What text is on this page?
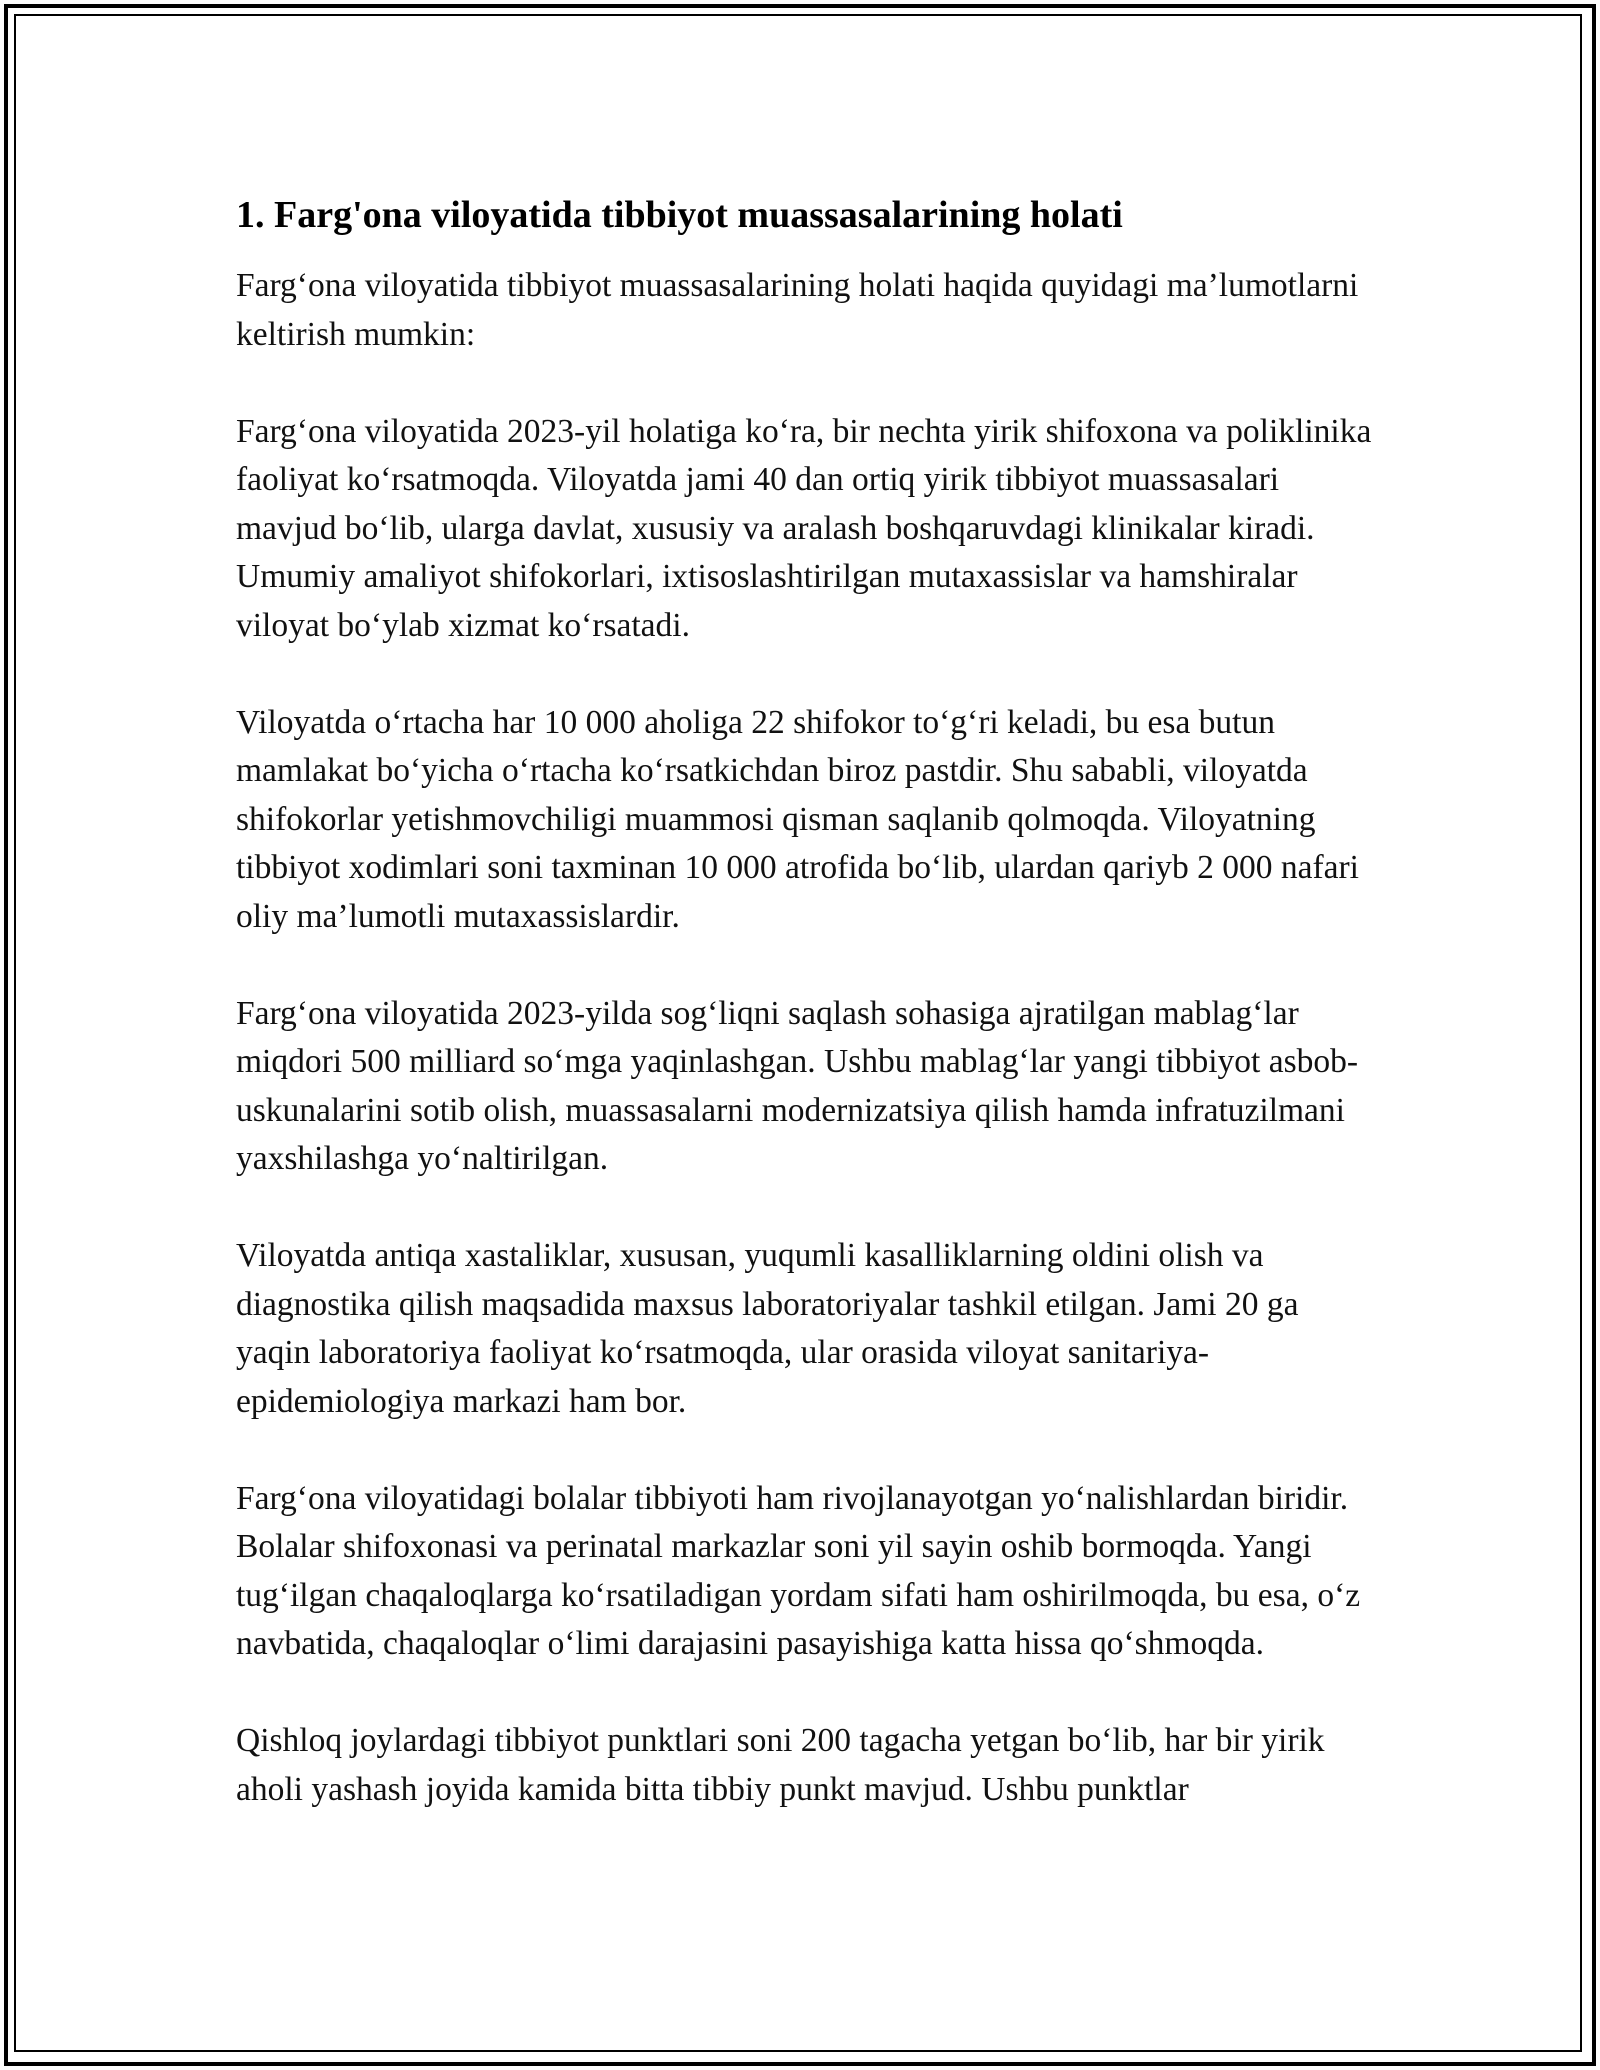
1. Farg'ona viloyatida tibbiyot muassasalarining holati

Farg‘ona viloyatida tibbiyot muassasalarining holati haqida quyidagi ma’lumotlarni keltirish mumkin:

Farg‘ona viloyatida 2023-yil holatiga ko‘ra, bir nechta yirik shifoxona va poliklinika faoliyat ko‘rsatmoqda. Viloyatda jami 40 dan ortiq yirik tibbiyot muassasalari mavjud bo‘lib, ularga davlat, xususiy va aralash boshqaruvdagi klinikalar kiradi. Umumiy amaliyot shifokorlari, ixtisoslashtirilgan mutaxassislar va hamshiralar viloyat bo‘ylab xizmat ko‘rsatadi.

Viloyatda o‘rtacha har 10 000 aholiga 22 shifokor to‘g‘ri keladi, bu esa butun mamlakat bo‘yicha o‘rtacha ko‘rsatkichdan biroz pastdir. Shu sababli, viloyatda shifokorlar yetishmovchiligi muammosi qisman saqlanib qolmoqda. Viloyatning tibbiyot xodimlari soni taxminan 10 000 atrofida bo‘lib, ulardan qariyb 2 000 nafari oliy ma’lumotli mutaxassislardir.

Farg‘ona viloyatida 2023-yilda sog‘liqni saqlash sohasiga ajratilgan mablag‘lar miqdori 500 milliard so‘mga yaqinlashgan. Ushbu mablag‘lar yangi tibbiyot asbob-uskunalarini sotib olish, muassasalarni modernizatsiya qilish hamda infratuzilmani yaxshilashga yo‘naltirilgan.

Viloyatda antiqa xastaliklar, xususan, yuqumli kasalliklarning oldini olish va diagnostika qilish maqsadida maxsus laboratoriyalar tashkil etilgan. Jami 20 ga yaqin laboratoriya faoliyat ko‘rsatmoqda, ular orasida viloyat sanitariya-epidemiologiya markazi ham bor.

Farg‘ona viloyatidagi bolalar tibbiyoti ham rivojlanayotgan yo‘nalishlardan biridir. Bolalar shifoxonasi va perinatal markazlar soni yil sayin oshib bormoqda. Yangi tug‘ilgan chaqaloqlarga ko‘rsatiladigan yordam sifati ham oshirilmoqda, bu esa, o‘z navbatida, chaqaloqlar o‘limi darajasini pasayishiga katta hissa qo‘shmoqda.

Qishloq joylardagi tibbiyot punktlari soni 200 tagacha yetgan bo‘lib, har bir yirik aholi yashash joyida kamida bitta tibbiy punkt mavjud. Ushbu punktlar
